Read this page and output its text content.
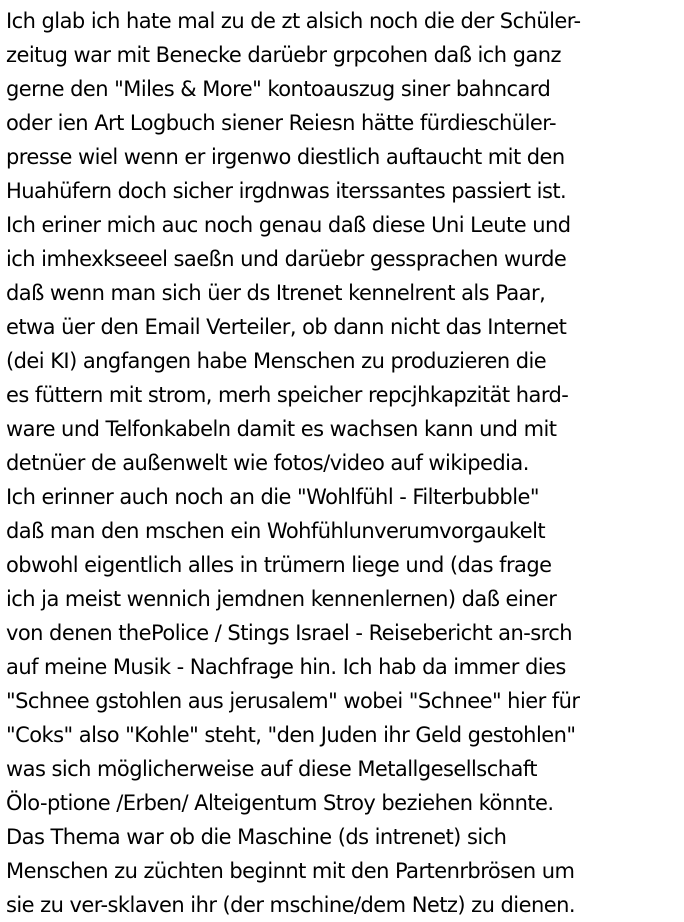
Ich glab ich hate mal zu de zt alsich noch die der Schüler-
zeitug war mit Benecke darüebr grpcohen daß ich ganz
gerne den "Miles & More" kontoauszug siner bahncard
oder ien Art Logbuch siener Reiesn hätte fürdieschüler-
presse wiel wenn er irgenwo diestlich auftaucht mit den
Huahüfern doch sicher irgdnwas iterssantes passiert ist.
Ich eriner mich auc noch genau daß diese Uni Leute und
ich imhexkseeel saeßn und darüebr gessprachen wurde
daß wenn man sich üer ds Itrenet kennelrent als Paar,
etwa üer den Email Verteiler, ob dann nicht das Internet
(dei KI) angfangen habe Menschen zu produzieren die
es füttern mit strom, merh speicher repcjhkapzität hard-
ware und Telfonkabeln damit es wachsen kann und mit
detnüer de außenwelt wie fotos/video auf wikipedia.
Ich erinner auch noch an die "Wohlfühl - Filterbubble"
daß man den mschen ein Wohfühlunverumvorgaukelt
obwohl eigentlich alles in trümern liege und (das frage
ich ja meist wennich jemdnen kennenlernen) daß einer
von denen thePolice / Stings Israel - Reisebericht an-srch
auf meine Musik - Nachfrage hin. Ich hab da immer dies
"Schnee gstohlen aus jerusalem" wobei "Schnee" hier für
"Coks" also "Kohle" steht, "den Juden ihr Geld gestohlen"
was sich möglicherweise auf diese Metallgesellschaft
Ölo-ptione /Erben/ Alteigentum Stroy beziehen könnte.
Das Thema war ob die Maschine (ds intrenet) sich
Menschen zu züchten beginnt mit den Partenrbrösen um
sie zu ver-sklaven ihr (der mschine/dem Netz) zu dienen.
